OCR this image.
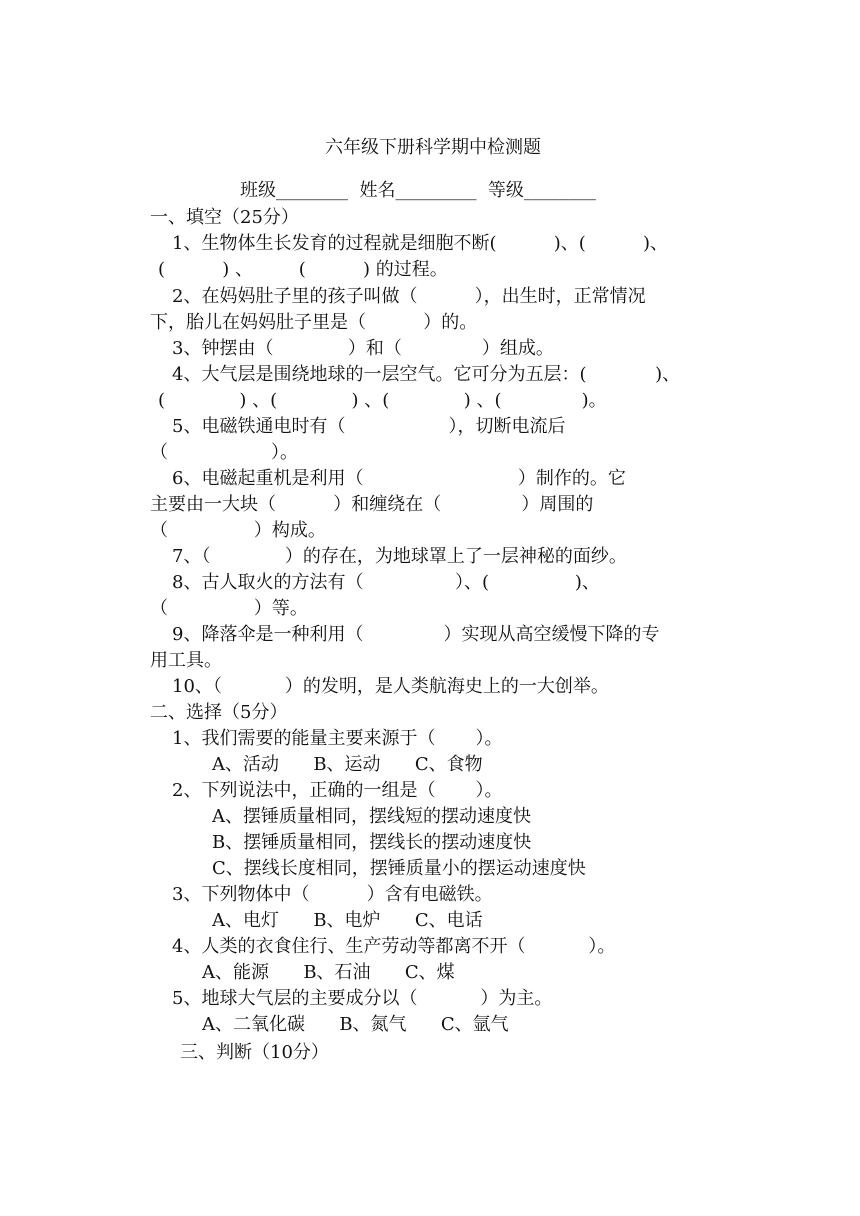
六年级下册科学期中检测题
班级________  姓名_________  等级________
一、填空（25分）
1、生物体生长发育的过程就是细胞不断(          )、(          )、
(          ) 、        (          ) 的过程。
2、在妈妈肚子里的孩子叫做（          ），出生时，正常情况
下，胎儿在妈妈肚子里是（          ）的。
3、钟摆由（             ）和（              ）组成。
4、大气层是围绕地球的一层空气。它可分为五层：(            )、
(             ) 、(             ) 、(             ) 、(              )。
5、电磁铁通电时有（                  ），切断电流后
（                  ）。
6、电磁起重机是利用（                           ）制作的。它
主要由一大块（          ）和缠绕在（              ）周围的
（               ）构成。
7、（             ）的存在，为地球罩上了一层神秘的面纱。
8、古人取火的方法有（                ）、(               )、
（               ）等。
9、降落伞是一种利用（              ）实现从高空缓慢下降的专
用工具。
10、（           ）的发明，是人类航海史上的一大创举。
二、选择（5分）
1、我们需要的能量主要来源于（       ）。
A、活动      B、运动      C、食物
2、下列说法中，正确的一组是（       ）。
A、摆锤质量相同，摆线短的摆动速度快
B、摆锤质量相同，摆线长的摆动速度快
C、摆线长度相同，摆锤质量小的摆运动速度快
3、下列物体中（          ）含有电磁铁。
A、电灯      B、电炉      C、电话
4、人类的衣食住行、生产劳动等都离不开（           ）。
A、能源      B、石油      C、煤
5、地球大气层的主要成分以（           ）为主。
A、二氧化碳      B、氮气      C、氩气
三、判断（10分）
